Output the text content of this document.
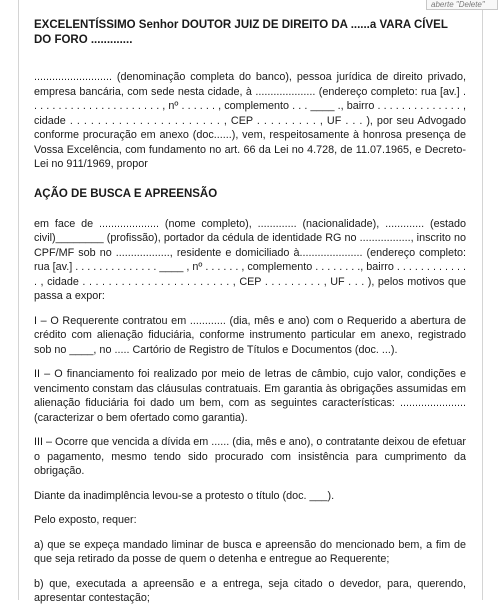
aberte "Delete"

EXCELENTÍSSIMO Senhor DOUTOR JUIZ DE DIREITO DA ......a VARA CÍVEL DO FORO .............

.......................... (denominação completa do banco), pessoa jurídica de direito privado, empresa bancária, com sede nesta cidade, à .................... (endereço completo: rua [av.] . . . . . . . . . . . . . . . . . . . . . . , nº . . . . . . , complemento . . . ____ ., bairro . . . . . . . . . . . . . . , cidade . . . . . . . . . . . . . . . . . . . . . . , CEP . . . . . . . . . , UF . . . ), por seu Advogado conforme procuração em anexo (doc......), vem, respeitosamente à honrosa presença de Vossa Excelência, com fundamento no art. 66 da Lei no 4.728, de 11.07.1965, e Decreto-Lei no 911/1969, propor

AÇÃO DE BUSCA E APREENSÃO

em face de .................... (nome completo), ............. (nacionalidade), ............. (estado civil)________ (profissão), portador da cédula de identidade RG no ................., inscrito no CPF/MF sob no .................., residente e domiciliado à..................... (endereço completo: rua [av.] . . . . . . . . . . . . . . ____ , nº . . . . . . , complemento . . . . . . . ., bairro . . . . . . . . . . . . . , cidade . . . . . . . . . . . . . . . . . . . . . . . , CEP . . . . . . . . . , UF . . . ), pelos motivos que passa a expor:

I – O Requerente contratou em ............ (dia, mês e ano) com o Requerido a abertura de crédito com alienação fiduciária, conforme instrumento particular em anexo, registrado sob no ____, no ..... Cartório de Registro de Títulos e Documentos (doc. ...).

II – O financiamento foi realizado por meio de letras de câmbio, cujo valor, condições e vencimento constam das cláusulas contratuais. Em garantia às obrigações assumidas em alienação fiduciária foi dado um bem, com as seguintes características: ...................... (caracterizar o bem ofertado como garantia).

III – Ocorre que vencida a dívida em ...... (dia, mês e ano), o contratante deixou de efetuar o pagamento, mesmo tendo sido procurado com insistência para cumprimento da obrigação.

Diante da inadimplência levou-se a protesto o título (doc. ___).

Pelo exposto, requer:

a) que se expeça mandado liminar de busca e apreensão do mencionado bem, a fim de que seja retirado da posse de quem o detenha e entregue ao Requerente;

b) que, executada a apreensão e a entrega, seja citado o devedor, para, querendo, apresentar contestação;
